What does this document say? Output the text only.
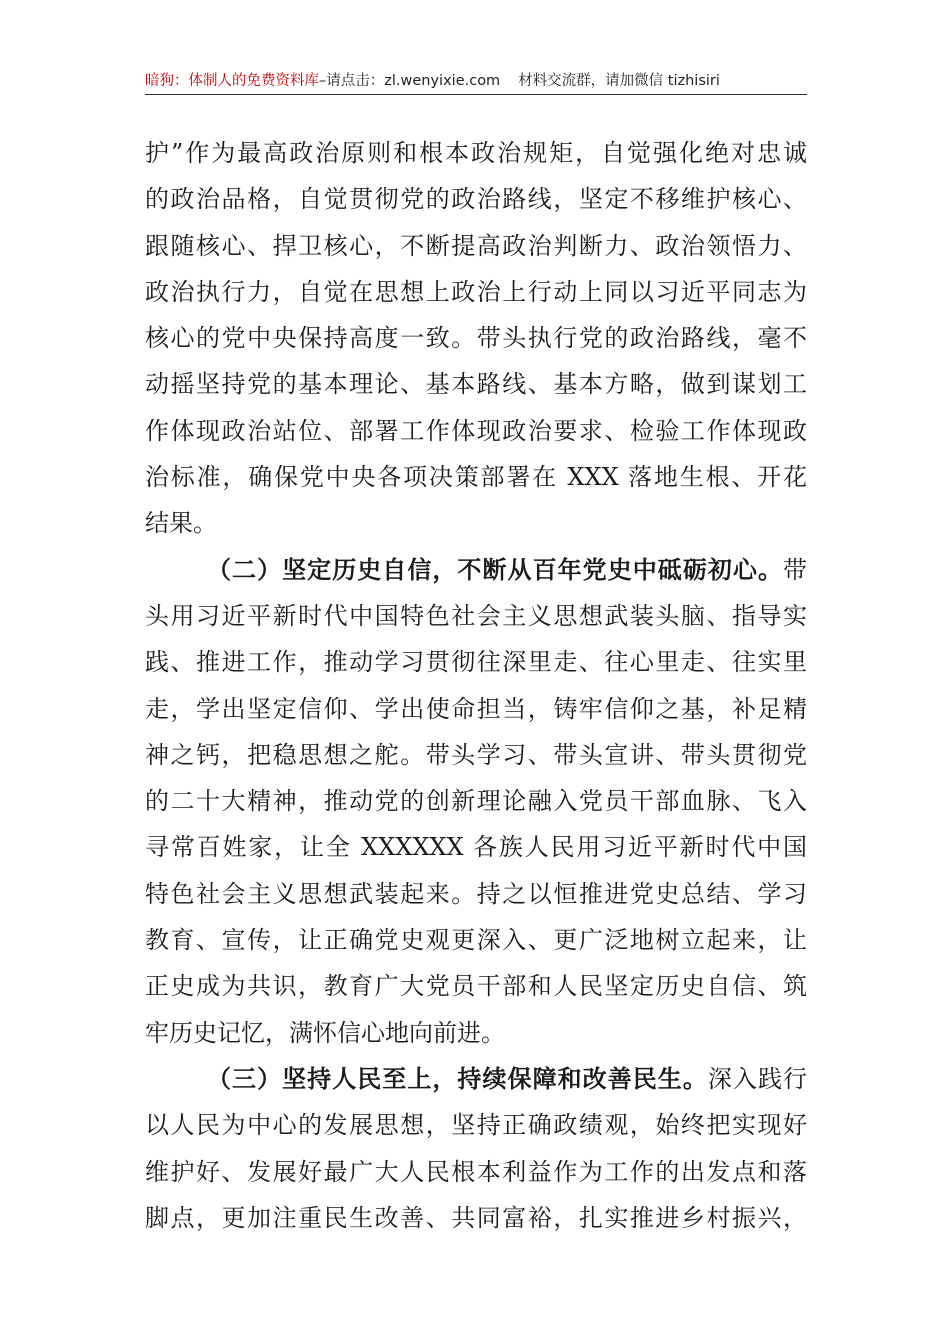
暗狗：体制人的免费资料库–请点击：zl.wenyixie.com 材料交流群，请加微信 tizhisiri
护”作为最高政治原则和根本政治规矩，自觉强化绝对忠诚
的政治品格，自觉贯彻党的政治路线，坚定不移维护核心、
跟随核心、捍卫核心，不断提高政治判断力、政治领悟力、
政治执行力，自觉在思想上政治上行动上同以习近平同志为
核心的党中央保持高度一致。带头执行党的政治路线，毫不
动摇坚持党的基本理论、基本路线、基本方略，做到谋划工
作体现政治站位、部署工作体现政治要求、检验工作体现政
治标准，确保党中央各项决策部署在 XXX 落地生根、开花
结果。
（二）坚定历史自信，不断从百年党史中砥砺初心。带
头用习近平新时代中国特色社会主义思想武装头脑、指导实
践、推进工作，推动学习贯彻往深里走、往心里走、往实里
走，学出坚定信仰、学出使命担当，铸牢信仰之基，补足精
神之钙，把稳思想之舵。带头学习、带头宣讲、带头贯彻党
的二十大精神，推动党的创新理论融入党员干部血脉、飞入
寻常百姓家，让全 XXXXXX 各族人民用习近平新时代中国
特色社会主义思想武装起来。持之以恒推进党史总结、学习
教育、宣传，让正确党史观更深入、更广泛地树立起来，让
正史成为共识，教育广大党员干部和人民坚定历史自信、筑
牢历史记忆，满怀信心地向前进。
（三）坚持人民至上，持续保障和改善民生。深入践行
以人民为中心的发展思想，坚持正确政绩观，始终把实现好
维护好、发展好最广大人民根本利益作为工作的出发点和落
脚点，更加注重民生改善、共同富裕，扎实推进乡村振兴，
